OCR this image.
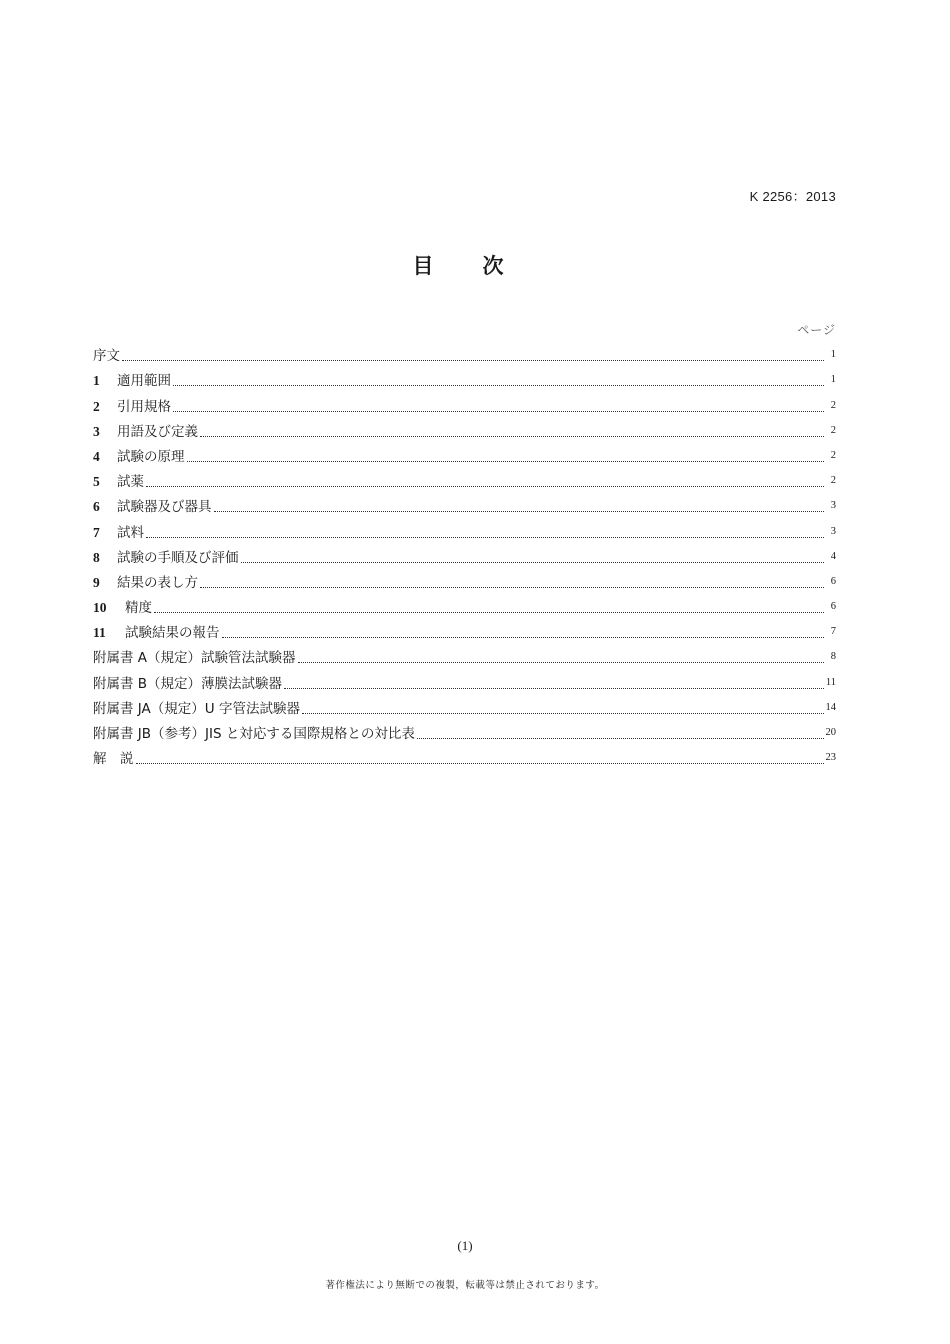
K 2256：2013
目　次
ページ
序文	1
1	適用範囲	1
2	引用規格	2
3	用語及び定義	2
4	試験の原理	2
5	試薬	2
6	試験器及び器具	3
7	試料	3
8	試験の手順及び評価	4
9	結果の表し方	6
10	精度	6
11	試験結果の報告	7
附属書 A（規定）試験管法試験器	8
附属書 B（規定）薄膜法試験器	11
附属書 JA（規定）U 字管法試験器	14
附属書 JB（参考）JIS と対応する国際規格との対比表	20
解　説	23
(1)
著作権法により無断での複製，転載等は禁止されております。
